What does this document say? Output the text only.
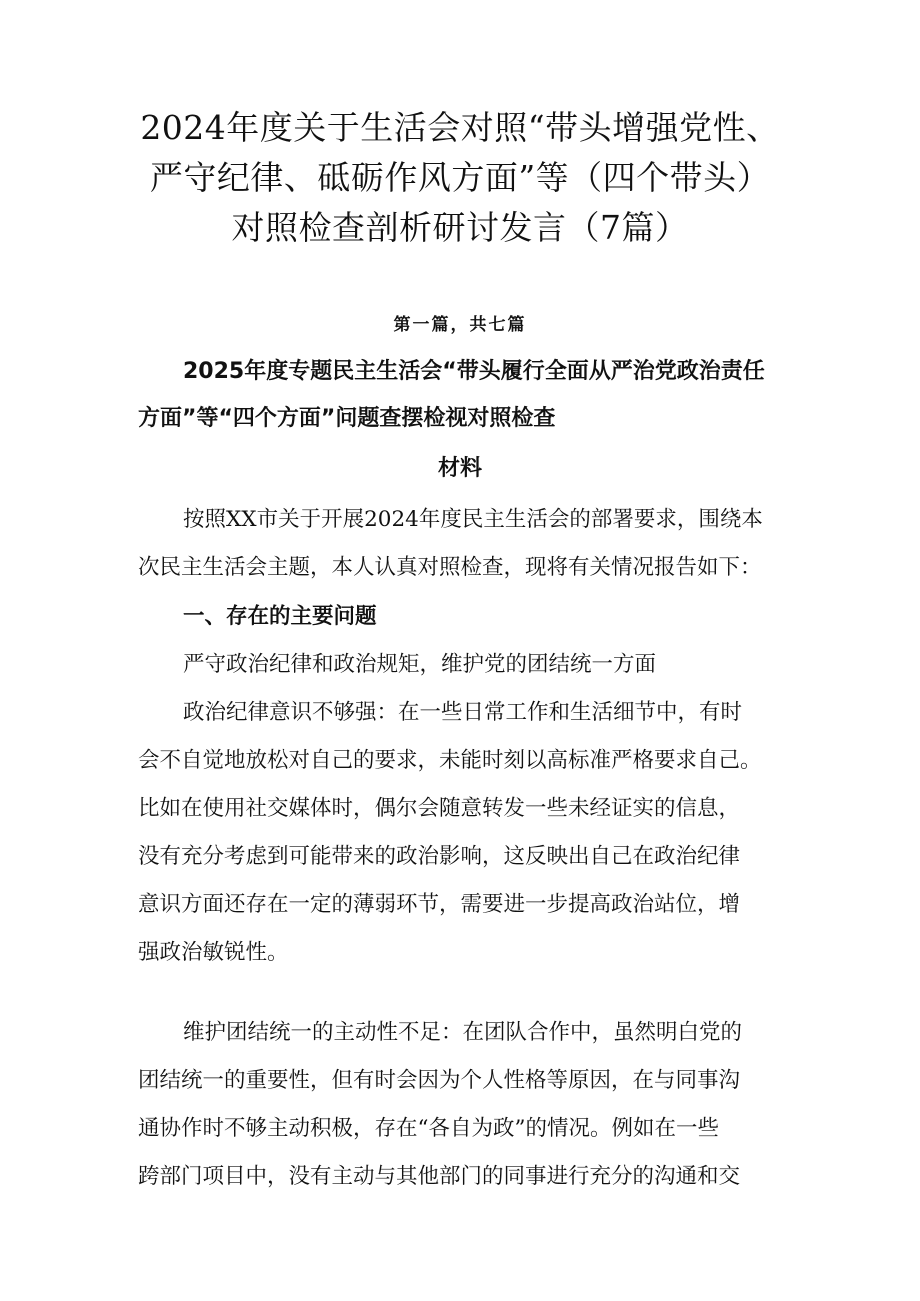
2024年度关于生活会对照“带头增强党性、
严守纪律、砥砺作风方面”等（四个带头）
对照检查剖析研讨发言（7篇）
第一篇，共七篇
2025年度专题民主生活会“带头履行全面从严治党政治责任
方面”等“四个方面”问题查摆检视对照检查
材料
按照XX市关于开展2024年度民主生活会的部署要求，围绕本
次民主生活会主题，本人认真对照检查，现将有关情况报告如下：
一、存在的主要问题
严守政治纪律和政治规矩，维护党的团结统一方面
政治纪律意识不够强：在一些日常工作和生活细节中，有时
会不自觉地放松对自己的要求，未能时刻以高标准严格要求自己。
比如在使用社交媒体时，偶尔会随意转发一些未经证实的信息，
没有充分考虑到可能带来的政治影响，这反映出自己在政治纪律
意识方面还存在一定的薄弱环节，需要进一步提高政治站位，增
强政治敏锐性。
维护团结统一的主动性不足：在团队合作中，虽然明白党的
团结统一的重要性，但有时会因为个人性格等原因，在与同事沟
通协作时不够主动积极，存在“各自为政”的情况。例如在一些
跨部门项目中，没有主动与其他部门的同事进行充分的沟通和交
